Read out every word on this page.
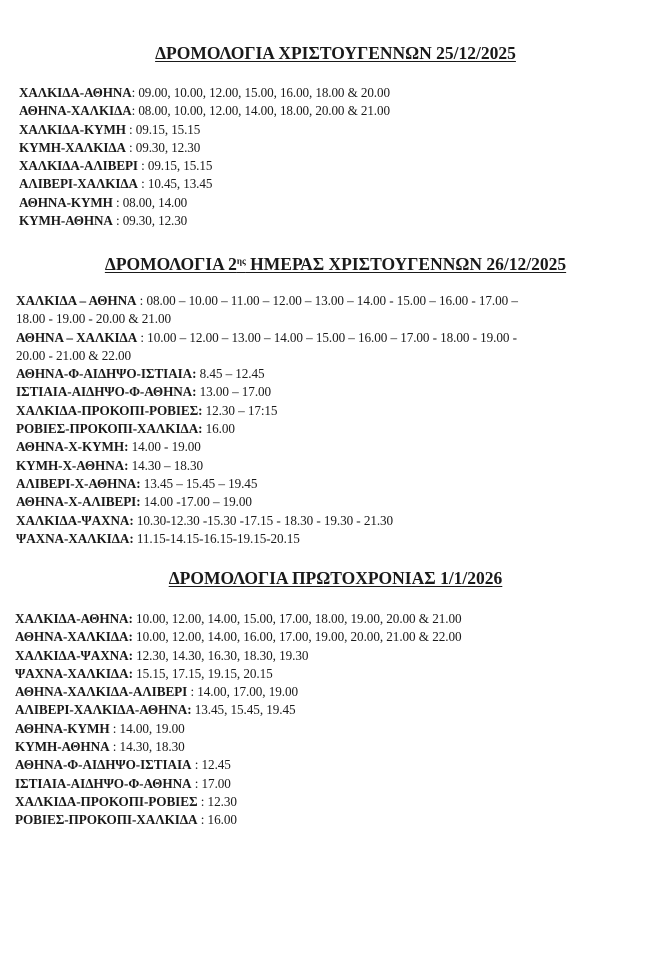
ΔΡΟΜΟΛΟΓΙΑ ΧΡΙΣΤΟΥΓΕΝΝΩΝ 25/12/2025
ΧΑΛΚΙΔΑ-ΑΘΗΝΑ: 09.00, 10.00, 12.00, 15.00, 16.00, 18.00 & 20.00
ΑΘΗΝΑ-ΧΑΛΚΙΔΑ: 08.00, 10.00, 12.00, 14.00, 18.00, 20.00 & 21.00
ΧΑΛΚΙΔΑ-ΚΥΜΗ : 09.15, 15.15
ΚΥΜΗ-ΧΑΛΚΙΔΑ : 09.30, 12.30
ΧΑΛΚΙΔΑ-ΑΛΙΒΕΡΙ : 09.15, 15.15
ΑΛΙΒΕΡΙ-ΧΑΛΚΙΔΑ : 10.45, 13.45
ΑΘΗΝΑ-ΚΥΜΗ : 08.00, 14.00
ΚΥΜΗ-ΑΘΗΝΑ : 09.30, 12.30
ΔΡΟΜΟΛΟΓΙΑ $2^{\eta\varsigma}$ ΗΜΕΡΑΣ ΧΡΙΣΤΟΥΓΕΝΝΩΝ 26/12/2025
ΧΑΛΚΙΔΑ – ΑΘΗΝΑ : 08.00 – 10.00 – 11.00 – 12.00 – 13.00 – 14.00 - 15.00 – 16.00 - 17.00 –
18.00 - 19.00 - 20.00 & 21.00
ΑΘΗΝΑ – ΧΑΛΚΙΔΑ : 10.00 – 12.00 – 13.00 – 14.00 – 15.00 – 16.00 – 17.00 - 18.00 - 19.00 -
20.00 - 21.00 & 22.00
ΑΘΗΝΑ-Φ-ΑΙΔΗΨΟ-ΙΣΤΙΑΙΑ: 8.45 – 12.45
ΙΣΤΙΑΙΑ-ΑΙΔΗΨΟ-Φ-ΑΘΗΝΑ: 13.00 – 17.00
ΧΑΛΚΙΔΑ-ΠΡΟΚΟΠΙ-ΡΟΒΙΕΣ: 12.30 – 17:15
ΡΟΒΙΕΣ-ΠΡΟΚΟΠΙ-ΧΑΛΚΙΔΑ: 16.00
ΑΘΗΝΑ-Χ-ΚΥΜΗ: 14.00 - 19.00
ΚΥΜΗ-Χ-ΑΘΗΝΑ: 14.30 – 18.30
ΑΛΙΒΕΡΙ-Χ-ΑΘΗΝΑ: 13.45 – 15.45 – 19.45
ΑΘΗΝΑ-Χ-ΑΛΙΒΕΡΙ: 14.00 -17.00 – 19.00
ΧΑΛΚΙΔΑ-ΨΑΧΝΑ: 10.30-12.30 -15.30 -17.15 - 18.30 - 19.30 - 21.30
ΨΑΧΝΑ-ΧΑΛΚΙΔΑ: 11.15-14.15-16.15-19.15-20.15
ΔΡΟΜΟΛΟΓΙΑ ΠΡΩΤΟΧΡΟΝΙΑΣ 1/1/2026
ΧΑΛΚΙΔΑ-ΑΘΗΝΑ: 10.00, 12.00, 14.00, 15.00, 17.00, 18.00, 19.00, 20.00 & 21.00
ΑΘΗΝΑ-ΧΑΛΚΙΔΑ: 10.00, 12.00, 14.00, 16.00, 17.00, 19.00, 20.00, 21.00 & 22.00
ΧΑΛΚΙΔΑ-ΨΑΧΝΑ: 12.30, 14.30, 16.30, 18.30, 19.30
ΨΑΧΝΑ-ΧΑΛΚΙΔΑ: 15.15, 17.15, 19.15, 20.15
ΑΘΗΝΑ-ΧΑΛΚΙΔΑ-ΑΛΙΒΕΡΙ : 14.00, 17.00, 19.00
ΑΛΙΒΕΡΙ-ΧΑΛΚΙΔΑ-ΑΘΗΝΑ: 13.45, 15.45, 19.45
ΑΘΗΝΑ-ΚΥΜΗ : 14.00, 19.00
ΚΥΜΗ-ΑΘΗΝΑ : 14.30, 18.30
ΑΘΗΝΑ-Φ-ΑΙΔΗΨΟ-ΙΣΤΙΑΙΑ : 12.45
ΙΣΤΙΑΙΑ-ΑΙΔΗΨΟ-Φ-ΑΘΗΝΑ : 17.00
ΧΑΛΚΙΔΑ-ΠΡΟΚΟΠΙ-ΡΟΒΙΕΣ : 12.30
ΡΟΒΙΕΣ-ΠΡΟΚΟΠΙ-ΧΑΛΚΙΔΑ : 16.00
